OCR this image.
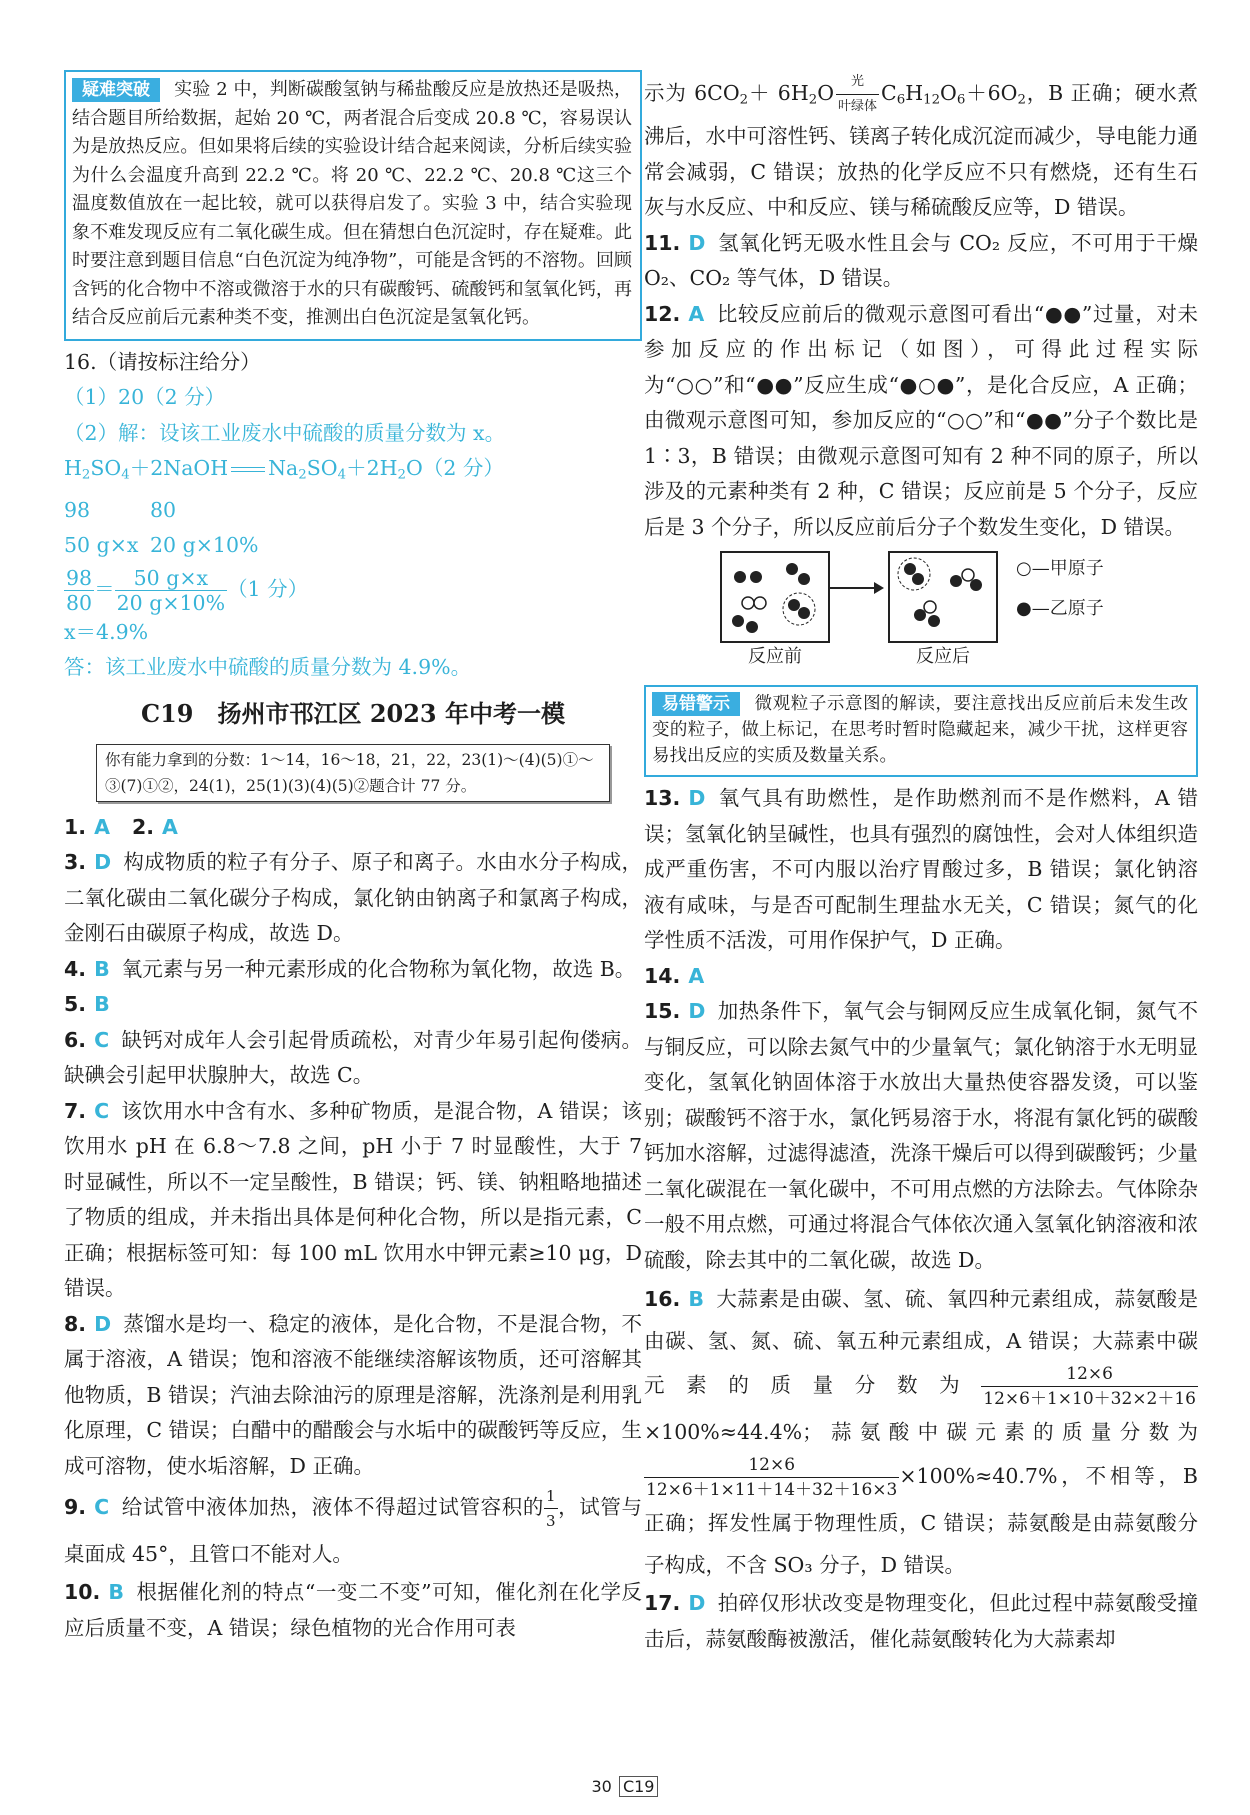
疑难突破 实验 2 中，判断碳酸氢钠与稀盐酸反应是放热还是吸热，结合题目所给数据，起始 20 ℃，两者混合后变成 20.8 ℃，容易误认为是放热反应。但如果将后续的实验设计结合起来阅读，分析后续实验为什么会温度升高到 22.2 ℃。将 20 ℃、22.2 ℃、20.8 ℃这三个温度数值放在一起比较，就可以获得启发了。实验 3 中，结合实验现象不难发现反应有二氧化碳生成。但在猜想白色沉淀时，存在疑难。此时要注意到题目信息“白色沉淀为纯净物”，可能是含钙的不溶物。回顾含钙的化合物中不溶或微溶于水的只有碳酸钙、硫酸钙和氢氧化钙，再结合反应前后元素种类不变，推测出白色沉淀是氢氧化钙。

16.（请按标注给分）

（1）20（2 分）

（2）解：设该工业废水中硫酸的质量分数为 x。

$H_2SO_4+2NaOH$ $Na_2SO_4+2H_2O(2$ 分）

98	80

50 g×x 20 g×10%

$\frac{98}{80} = \frac{50 g\times x}{20 g\times 10\%} (1$ 分）

x＝4.9%

答：该工业废水中硫酸的质量分数为 4.9%。

C19　扬州市邗江区 2023 年中考一模
你有能力拿到的分数：1～14，16～18，21，22，23(1)～(4)(5)①～③(7)①②，24(1)，25(1)(3)(4)(5)②题合计 77 分。

1. A 2. A

3. D 构成物质的粒子有分子、原子和离子。水由水分子构成，二氧化碳由二氧化碳分子构成，氯化钠由钠离子和氯离子构成，金刚石由碳原子构成，故选 D。

4. B 氧元素与另一种元素形成的化合物称为氧化物，故选 B。

5. B

6. C 缺钙对成年人会引起骨质疏松，对青少年易引起佝偻病。缺碘会引起甲状腺肿大，故选 C。

7. C 该饮用水中含有水、多种矿物质，是混合物，A 错误；该饮用水 pH 在 6.8～7.8 之间，pH 小于 7 时显酸性，大于 7 时显碱性，所以不一定呈酸性，B 错误；钙、镁、钠粗略地描述了物质的组成，并未指出具体是何种化合物，所以是指元素，C 正确；根据标签可知：每 100 mL 饮用水中钾元素≥10 μg，D 错误。

8. D 蒸馏水是均一、稳定的液体，是化合物，不是混合物，不属于溶液，A 错误；饱和溶液不能继续溶解该物质，还可溶解其他物质，B 错误；汽油去除油污的原理是溶解，洗涤剂是利用乳化原理，C 错误；白醋中的醋酸会与水垢中的碳酸钙等反应，生成可溶物，使水垢溶解，D 正确。

9. C 给试管中液体加热，液体不得超过试管容积的 $\frac{1}{3}$ ，试管与桌面成 45°，且管口不能对人。

10. B 根据催化剂的特点“一变二不变”可知，催化剂在化学反应后质量不变，A 错误；绿色植物的光合作用可表

示为 $6CO_2+ 6H_2O \frac{\text{光}}{\text{叶绿体}} C_6H_{12}O_6+6O_2$，B 正确；硬水煮沸后，水中可溶性钙、镁离子转化成沉淀而减少，导电能力通常会减弱，C 错误；放热的化学反应不只有燃烧，还有生石灰与水反应、中和反应、镁与稀硫酸反应等，D 错误。

11. D 氢氧化钙无吸水性且会与 CO₂ 反应，不可用于干燥 O₂、CO₂ 等气体，D 错误。

12. A 比较反应前后的微观示意图可看出“●●”过量，对未参加反应的作出标记（如图），可得此过程实际为“○○”和“●●”反应生成“●○●”，是化合反应，A 正确；由微观示意图可知，参加反应的“○○”和“●●”分子个数比是 1∶3，B 错误；由微观示意图可知有 2 种不同的原子，所以涉及的元素种类有 2 种，C 错误；反应前是 5 个分子，反应后是 3 个分子，所以反应前后分子个数发生变化，D 错误。

反应前	反应后
○—甲原子
●—乙原子
易错警示 微观粒子示意图的解读，要注意找出反应前后未发生改变的粒子，做上标记，在思考时暂时隐藏起来，减少干扰，这样更容易找出反应的实质及数量关系。

13. D 氧气具有助燃性，是作助燃剂而不是作燃料，A 错误；氢氧化钠呈碱性，也具有强烈的腐蚀性，会对人体组织造成严重伤害，不可内服以治疗胃酸过多，B 错误；氯化钠溶液有咸味，与是否可配制生理盐水无关，C 错误；氮气的化学性质不活泼，可用作保护气，D 正确。

14. A

15. D 加热条件下，氧气会与铜网反应生成氧化铜，氮气不与铜反应，可以除去氮气中的少量氧气；氯化钠溶于水无明显变化，氢氧化钠固体溶于水放出大量热使容器发烫，可以鉴别；碳酸钙不溶于水，氯化钙易溶于水，将混有氯化钙的碳酸钙加水溶解，过滤得滤渣，洗涤干燥后可以得到碳酸钙；少量二氧化碳混在一氧化碳中，不可用点燃的方法除去。气体除杂一般不用点燃，可通过将混合气体依次通入氢氧化钠溶液和浓硫酸，除去其中的二氧化碳，故选 D。

16. B 大蒜素是由碳、氢、硫、氧四种元素组成，蒜氨酸是由碳、氢、氮、硫、氧五种元素组成，A 错误；大蒜素中碳元素的质量分数为 $\frac{12\times 6}{12\times 6+1\times 10+32\times 2+16}$
×100%≈44.4%；蒜氨酸中碳元素的质量分数为
$\frac{12\times 6}{12\times 6+1\times 11+14+32+16\times 3} \times 100\%\approx 40.7\%$，不相等，B 正确；挥发性属于物理性质，C 错误；蒜氨酸是由蒜氨酸分子构成，不含 SO₃ 分子，D 错误。

17. D 拍碎仅形状改变是物理变化，但此过程中蒜氨酸受撞击后，蒜氨酸酶被激活，催化蒜氨酸转化为大蒜素却

30 C19
